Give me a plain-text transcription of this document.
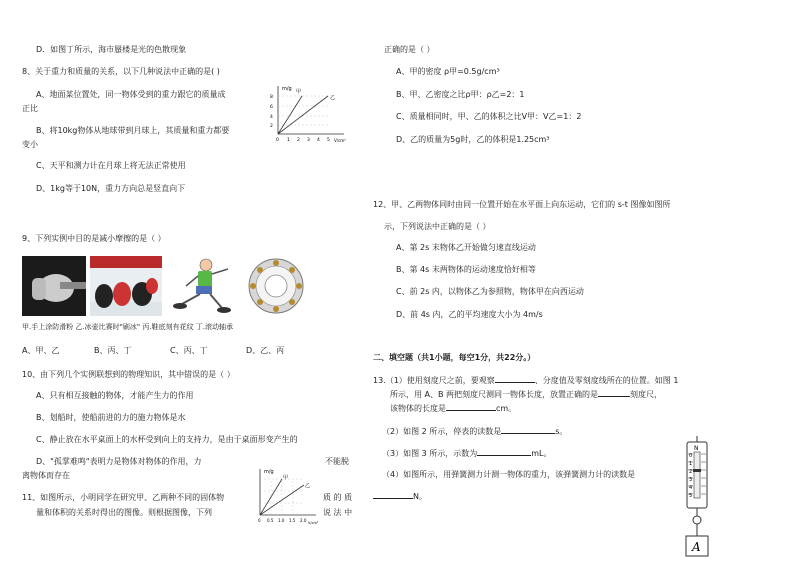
D．如图丁所示，海市蜃楼是光的色散现象
8、关于重力和质量的关系，以下几种说法中正确的是( )
A、地面某位置处，同一物体受到的重力跟它的质量成
正比
B、将10kg物体从地球带到月球上，其质量和重力都要
变小
C、天平和测力计在月球上将无法正常使用
D、1kg等于10N，重力方向总是竖直向下
m/g 甲
乙
8
6
4
2
0 1 2 3 4 5 V/cm³
9、下列实例中目的是减小摩擦的是（ ）
甲.手上涂防滑粉 乙.冰壶比赛时"刷冰" 丙.鞋底刻有花纹 丁.滚动轴承
A、甲、乙	B、丙、丁	C、丙、丁	D、乙、丙
10、由下列几个实例联想到的物理知识，其中错误的是（ ）
A、只有相互接触的物体，才能产生力的作用
B、划船时，使船前进的力的施力物体是水
C、静止放在水平桌面上的水杯受到向上的支持力，是由于桌面形变产生的
D、"孤掌难鸣"表明力是物体对物体的作用，力	不能脱
离物体而存在
11、如图所示，小明同学在研究甲、乙两种不同的固体物	质 的 质
量和体积的关系时得出的图像。则根据图像，下列	说 法 中
m/g
甲
乙
0 0.5 1.0 1.5 2.0 V/cm³
正确的是（ ）
A、甲的密度 ρ甲=0.5g/cm³
B、甲、乙密度之比ρ甲：ρ乙=2：1
C、质量相同时，甲、乙的体积之比V甲：V乙=1：2
D、乙的质量为5g时，乙的体积是1.25cm³
12、甲、乙两物体同时由同一位置开始在水平面上向东运动，它们的 s-t 图像如图所
示，下列说法中正确的是（ ）
A、第 2s 末物体乙开始做匀速直线运动
B、第 4s 末两物体的运动速度恰好相等
C、前 2s 内，以物体乙为参照物，物体甲在向西运动
D、前 4s 内，乙的平均速度大小为 4m/s
二、填空题（共1小题，每空1分，共22分。）
13.（1）使用刻度尺之前，要观察	、分度值及零刻度线所在的位置。如图 1
所示，用 A、B 两把刻度尺测同一物体长度，放置正确的是	刻度尺，
该物体的长度是	cm。
（2）如图 2 所示，停表的读数是	s。
（3）如图 3 所示，示数为	mL。
（4）如图所示，用弹簧测力计测一物体的重力，该弹簧测力计的读数是
N。
N
0
1
2
3
4
5
A
